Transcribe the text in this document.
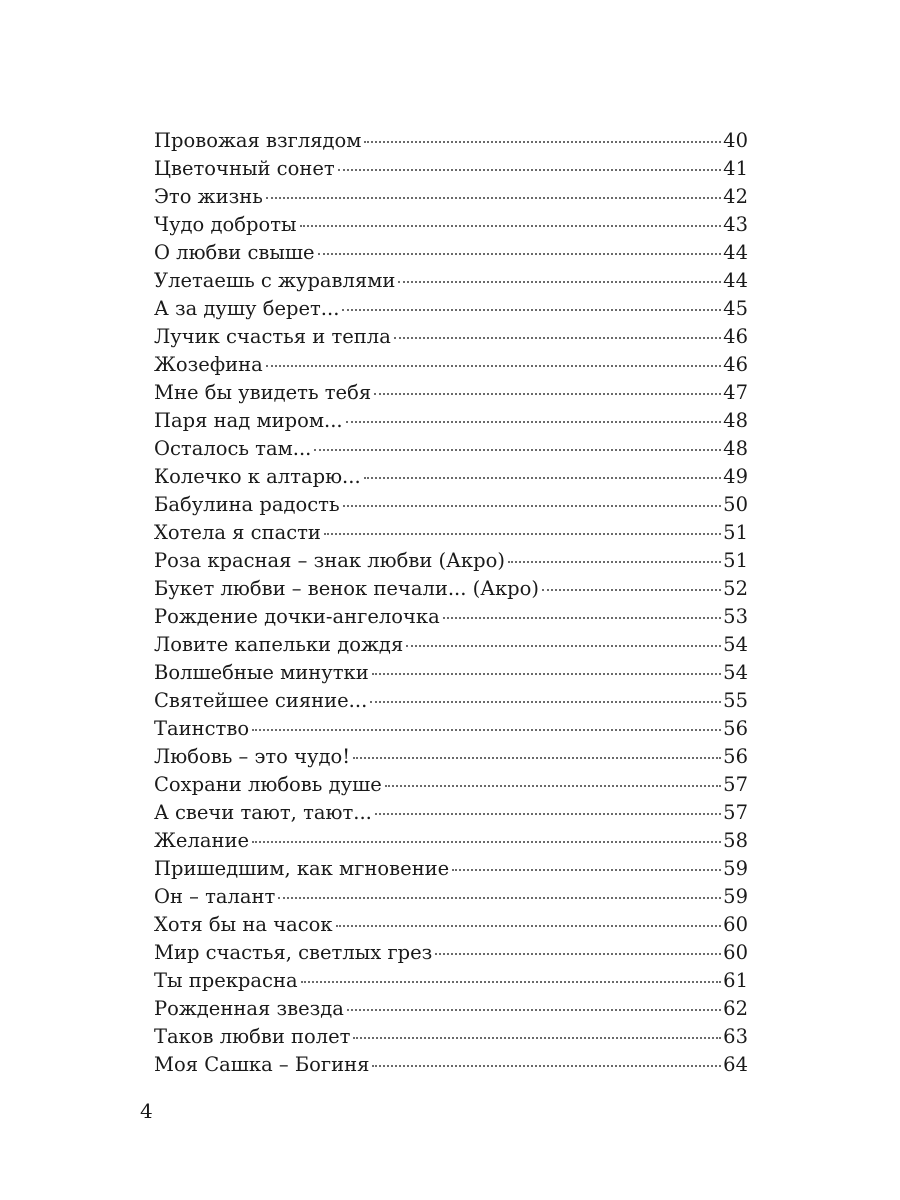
Провожая взглядом	40
Цветочный сонет	41
Это жизнь	42
Чудо доброты	43
О любви свыше	44
Улетаешь с журавлями	44
А за душу берет...	45
Лучик счастья и тепла	46
Жозефина	46
Мне бы увидеть тебя	47
Паря над миром...	48
Осталось там...	48
Колечко к алтарю...	49
Бабулина радость	50
Хотела я спасти	51
Роза красная – знак любви (Акро)	51
Букет любви – венок печали... (Акро)	52
Рождение дочки-ангелочка	53
Ловите капельки дождя	54
Волшебные минутки	54
Святейшее сияние...	55
Таинство	56
Любовь – это чудо!	56
Сохрани любовь душе	57
А свечи тают, тают...	57
Желание	58
Пришедшим, как мгновение	59
Он – талант	59
Хотя бы на часок	60
Мир счастья, светлых грез	60
Ты прекрасна	61
Рожденная звезда	62
Таков любви полет	63
Моя Сашка – Богиня	64
4
